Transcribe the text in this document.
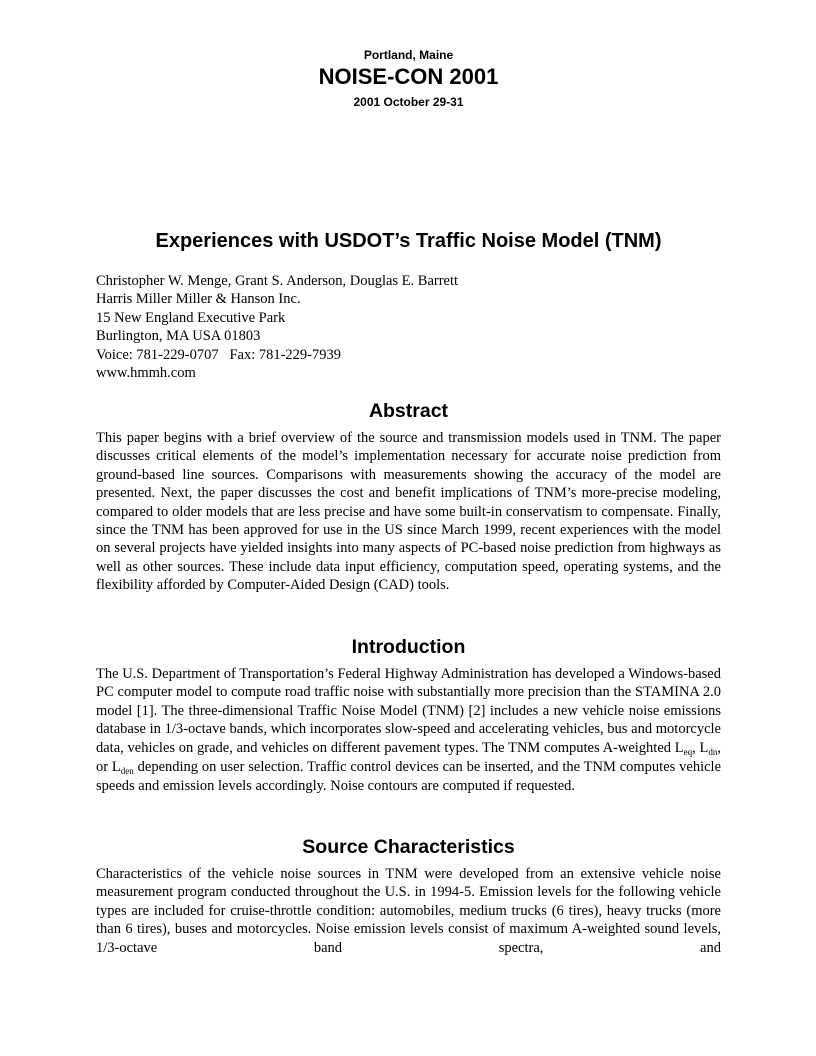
Portland, Maine
NOISE-CON 2001
2001 October 29-31
Experiences with USDOT’s Traffic Noise Model (TNM)
Christopher W. Menge, Grant S. Anderson, Douglas E. Barrett
Harris Miller Miller & Hanson Inc.
15 New England Executive Park
Burlington, MA USA 01803
Voice: 781-229-0707   Fax: 781-229-7939
www.hmmh.com
Abstract
This paper begins with a brief overview of the source and transmission models used in TNM. The paper discusses critical elements of the model’s implementation necessary for accurate noise prediction from ground-based line sources. Comparisons with measurements showing the accuracy of the model are presented. Next, the paper discusses the cost and benefit implications of TNM’s more-precise modeling, compared to older models that are less precise and have some built-in conservatism to compensate. Finally, since the TNM has been approved for use in the US since March 1999, recent experiences with the model on several projects have yielded insights into many aspects of PC-based noise prediction from highways as well as other sources. These include data input efficiency, computation speed, operating systems, and the flexibility afforded by Computer-Aided Design (CAD) tools.
Introduction
The U.S. Department of Transportation’s Federal Highway Administration has developed a Windows-based PC computer model to compute road traffic noise with substantially more precision than the STAMINA 2.0 model [1]. The three-dimensional Traffic Noise Model (TNM) [2] includes a new vehicle noise emissions database in 1/3-octave bands, which incorporates slow-speed and accelerating vehicles, bus and motorcycle data, vehicles on grade, and vehicles on different pavement types. The TNM computes A-weighted $L_{eq}$, $L_{dn}$, or $L_{den}$ depending on user selection. Traffic control devices can be inserted, and the TNM computes vehicle speeds and emission levels accordingly. Noise contours are computed if requested.
Source Characteristics
Characteristics of the vehicle noise sources in TNM were developed from an extensive vehicle noise measurement program conducted throughout the U.S. in 1994-5. Emission levels for the following vehicle types are included for cruise-throttle condition: automobiles, medium trucks (6 tires), heavy trucks (more than 6 tires), buses and motorcycles. Noise emission levels consist of maximum A-weighted sound levels, 1/3-octave band spectra, and
